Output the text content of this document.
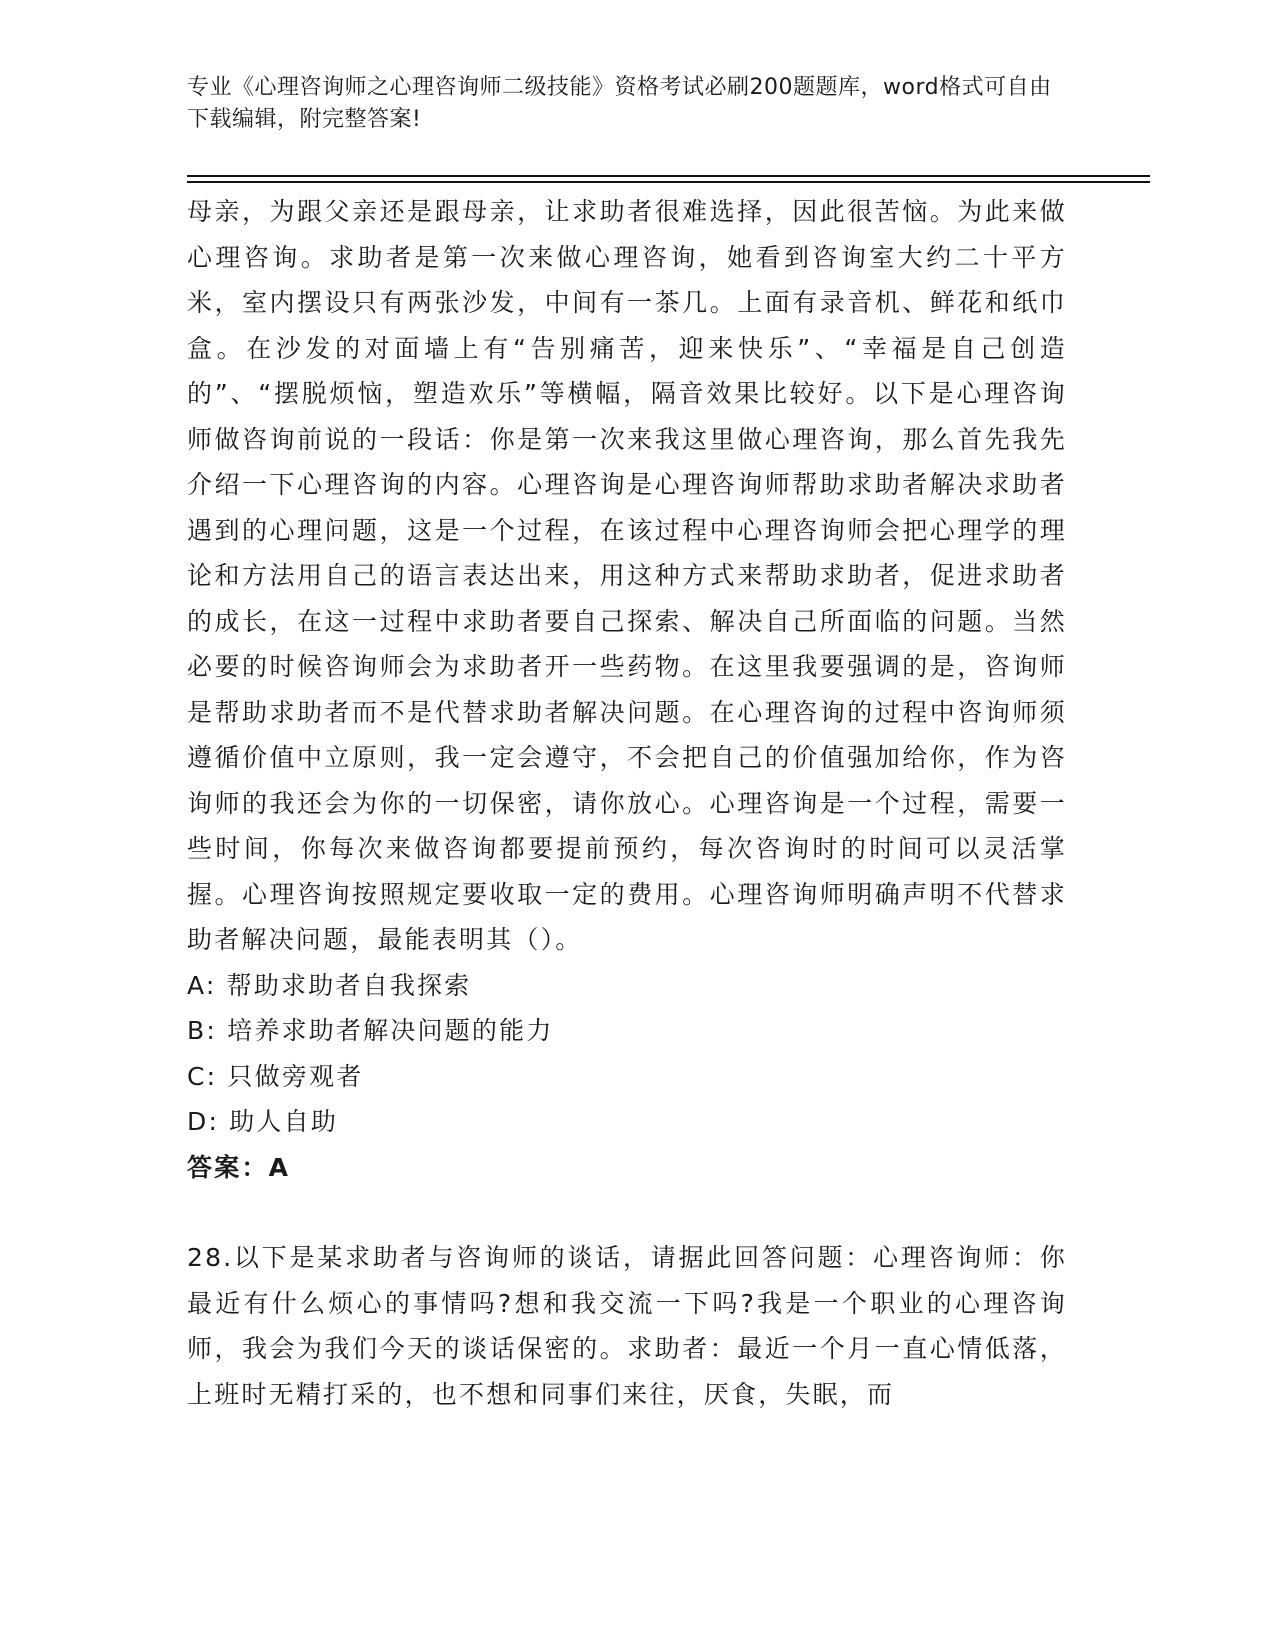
专业《心理咨询师之心理咨询师二级技能》资格考试必刷200题题库，word格式可自由下载编辑，附完整答案!

母亲，为跟父亲还是跟母亲，让求助者很难选择，因此很苦恼。为此来做心理咨询。求助者是第一次来做心理咨询，她看到咨询室大约二十平方米，室内摆设只有两张沙发，中间有一茶几。上面有录音机、鲜花和纸巾盒。在沙发的对面墙上有“告别痛苦，迎来快乐”、“幸福是自己创造的”、“摆脱烦恼，塑造欢乐”等横幅，隔音效果比较好。以下是心理咨询师做咨询前说的一段话：你是第一次来我这里做心理咨询，那么首先我先介绍一下心理咨询的内容。心理咨询是心理咨询师帮助求助者解决求助者遇到的心理问题，这是一个过程，在该过程中心理咨询师会把心理学的理论和方法用自己的语言表达出来，用这种方式来帮助求助者，促进求助者的成长，在这一过程中求助者要自己探索、解决自己所面临的问题。当然必要的时候咨询师会为求助者开一些药物。在这里我要强调的是，咨询师是帮助求助者而不是代替求助者解决问题。在心理咨询的过程中咨询师须遵循价值中立原则，我一定会遵守，不会把自己的价值强加给你，作为咨询师的我还会为你的一切保密，请你放心。心理咨询是一个过程，需要一些时间，你每次来做咨询都要提前预约，每次咨询时的时间可以灵活掌握。心理咨询按照规定要收取一定的费用。心理咨询师明确声明不代替求助者解决问题，最能表明其（）。

A: 帮助求助者自我探索

B: 培养求助者解决问题的能力

C: 只做旁观者

D: 助人自助

答案：A

28.以下是某求助者与咨询师的谈话，请据此回答问题：心理咨询师：你最近有什么烦心的事情吗?想和我交流一下吗?我是一个职业的心理咨询师，我会为我们今天的谈话保密的。求助者：最近一个月一直心情低落，上班时无精打采的，也不想和同事们来往，厌食，失眠，而
